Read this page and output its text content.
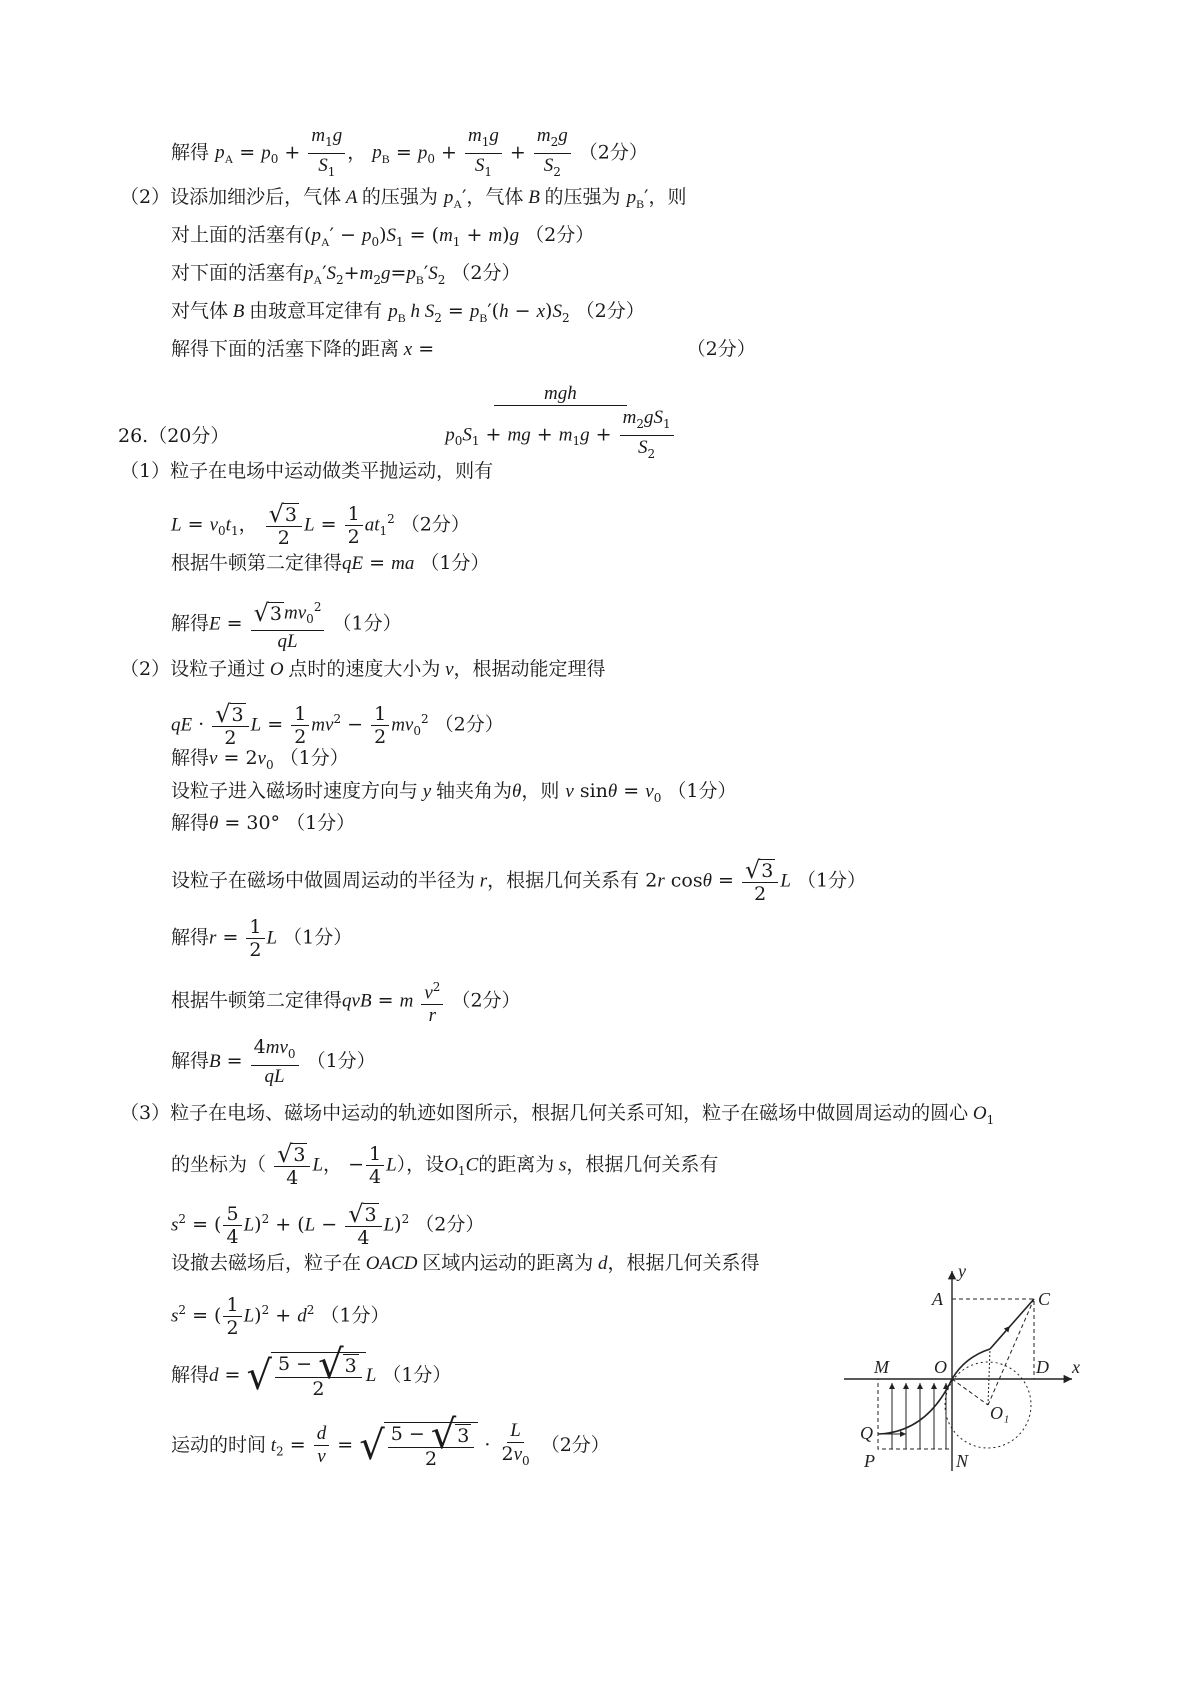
解得 $p_A = p_0 + \frac{m_1g}{S_1}$ ， $p_B = p_0 + \frac{m_1g}{S_1} + \frac{m_2g}{S_2} (2$分）
（2）设添加细沙后，气体 A 的压强为 $p_A'$，气体 B 的压强为 $p_B'$，则
对上面的活塞有$(p_A' - p_0)S_1 = (m_1 + m)g$ （2分）
对下面的活塞有$p_A'S_2+m_2g=p_B'S_2$ （2分）
对气体 B 由玻意耳定律有 $p_B$ h $S_2 = p_B'(h - x)S_2$ （2分）
解得下面的活塞下降的距离 x =
mgh
$p_0S_1$ + mg + $m_1g + \frac{m_2gS_1}{S_2}$
（2分）
26.（20分）
（1）粒子在电场中运动做类平抛运动，则有
$L = v_0t_1$， $\frac{√ 3}{2}$ $L = \frac{1}{2} at_1^2$ （2分）
根据牛顿第二定律得qE = ma （1分）
解得$E = \frac{√ 3 mv_0^2}{qL} (1$分）
（2）设粒子通过 O 点时的速度大小为 v，根据动能定理得
qE · $\frac{√ 3}{2}$ $L = \frac{1}{2} mv^2 - \frac{1}{2} mv_0^2$ （2分）
解得$v = 2v_0$ （1分）
设粒子进入磁场时速度方向与 y 轴夹角为θ，则 v $\sin\theta = v_0$ （1分）
解得θ = 30° （1分）
设粒子在磁场中做圆周运动的半径为 r，根据几何关系有 2r $\cos\theta = \frac{√ 3}{2}$ L （1分）
解得$r = \frac{1}{2}$ L （1分）
根据牛顿第二定律得qvB = m $\frac{v^2}{r} (2$分）
解得$B = \frac{4mv_0}{qL} (1$分）
（3）粒子在电场、磁场中运动的轨迹如图所示，根据几何关系可知，粒子在磁场中做圆周运动的圆心 $O_1$
的坐标为（ $\frac{√ 3}{4}$ L， − $\frac{1}{4} L$），设$O_1C$的距离为 s，根据几何关系有
$s^2$ = ( $\frac{5}{4} L)^2 + (L - \frac{√ 3}{4} L)^2$ （2分）
设撤去磁场后，粒子在 OACD 区域内运动的距离为 d，根据几何关系得
$s^2$ = ( $\frac{1}{2} L)^2 + d^2$ （1分）
解得d = √ $\frac{5 - √ 3}{2}$ L （1分）
运动的时间 $t_2 = \frac{d}{v}$ = √ $\frac{5 - √ 3}{2} \cdot \frac{L}{2v_0} (2$分）
y
A	C
M	O	D x
O₁
Q
P	N
